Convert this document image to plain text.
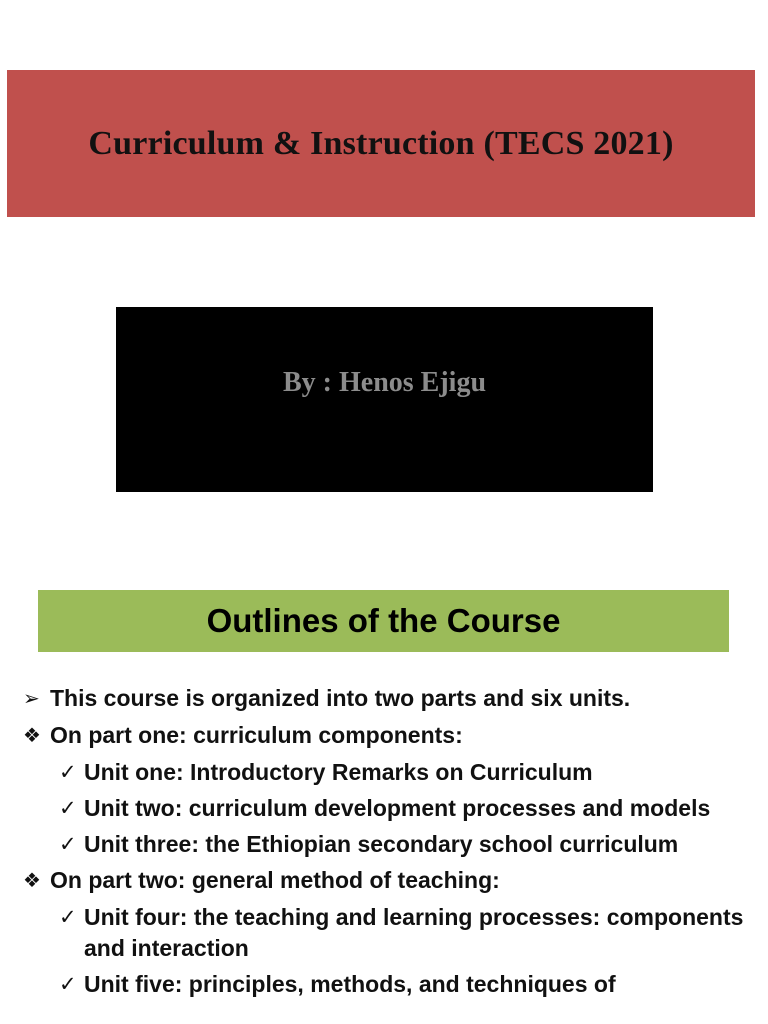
Curriculum & Instruction (TECS 2021)
By : Henos Ejigu
Outlines of the Course
➢ This course is organized into two parts and six units.
❖ On part one: curriculum components:
✓ Unit one: Introductory Remarks on Curriculum
✓ Unit two: curriculum development processes and models
✓ Unit three: the Ethiopian secondary school curriculum
❖ On part two: general method of teaching:
✓ Unit four: the teaching and learning processes: components and interaction
✓ Unit five: principles, methods, and techniques of
